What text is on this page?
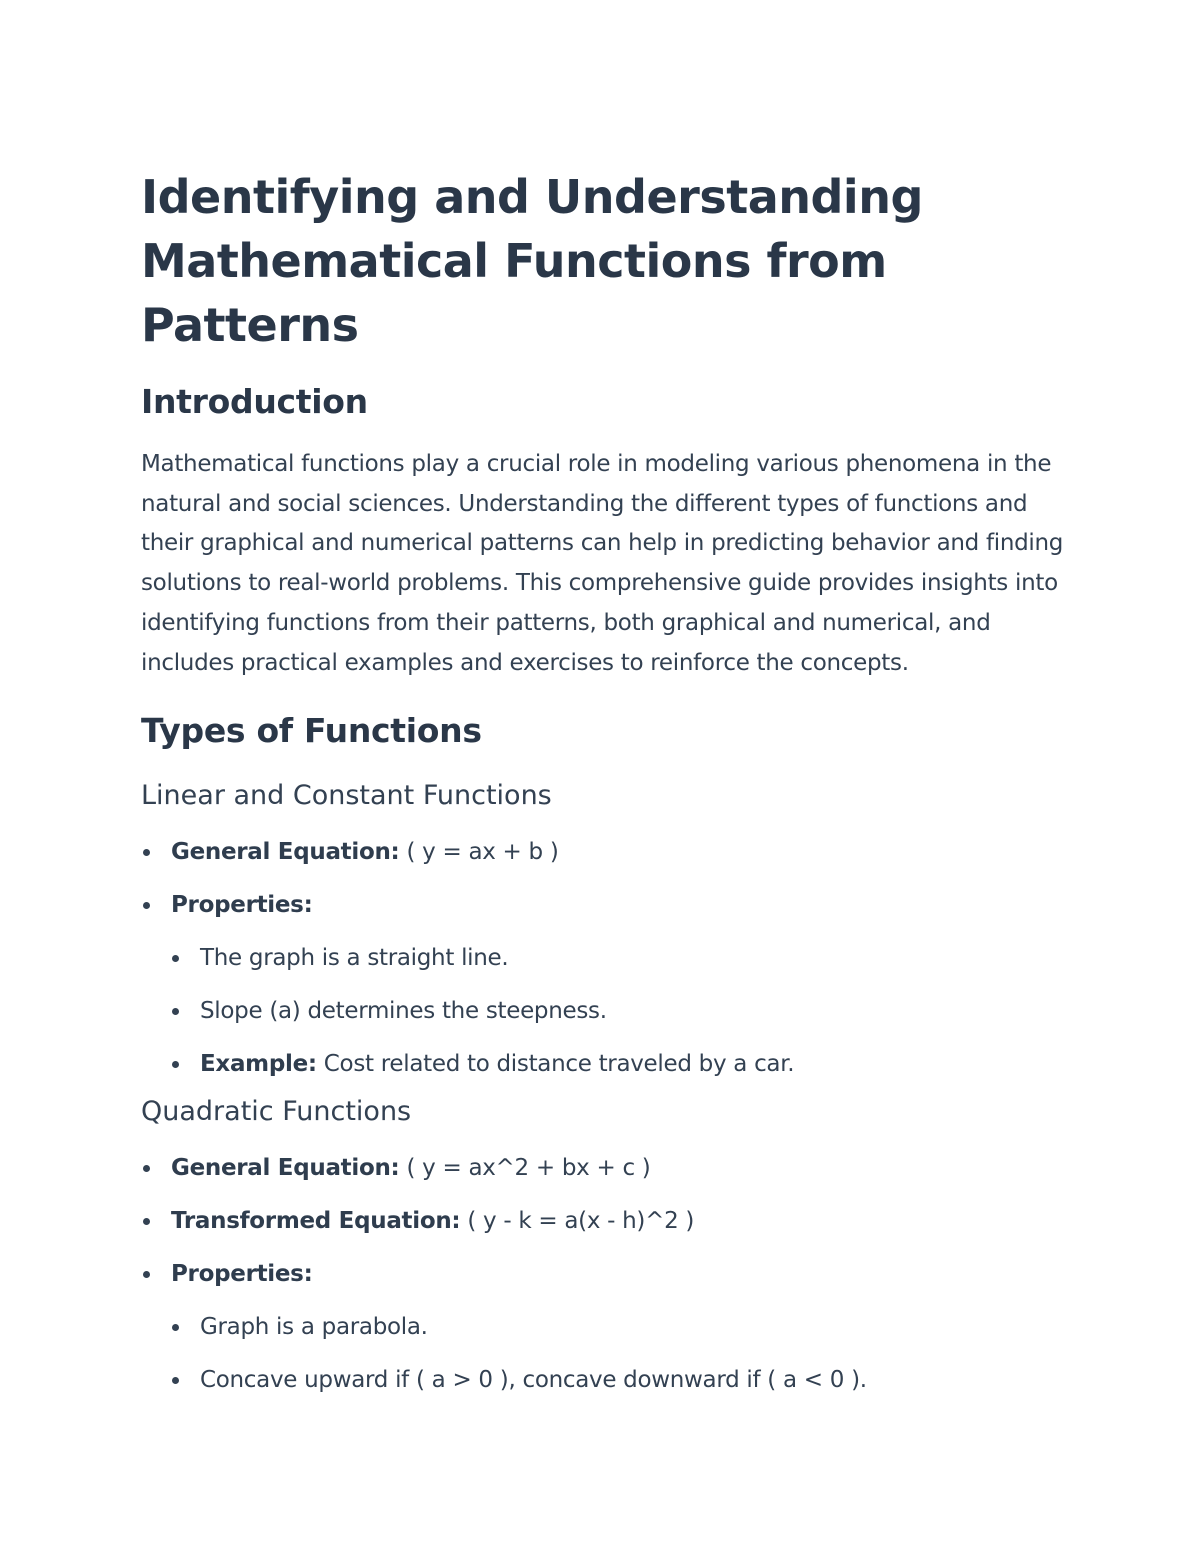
Identifying and Understanding
Mathematical Functions from Patterns
Introduction

Mathematical functions play a crucial role in modeling various phenomena in the natural and social sciences. Understanding the different types of functions and their graphical and numerical patterns can help in predicting behavior and finding solutions to real-world problems. This comprehensive guide provides insights into identifying functions from their patterns, both graphical and numerical, and includes practical examples and exercises to reinforce the concepts.

Types of Functions
Linear and Constant Functions
General Equation: ( y = ax + b )
Properties:
The graph is a straight line.
Slope (a) determines the steepness.
Example: Cost related to distance traveled by a car.
Quadratic Functions
General Equation: ( y = ax^2 + bx + c )
Transformed Equation: ( y - k = a(x - h)^2 )
Properties:
Graph is a parabola.
Concave upward if ( a > 0 ), concave downward if ( a < 0 ).
